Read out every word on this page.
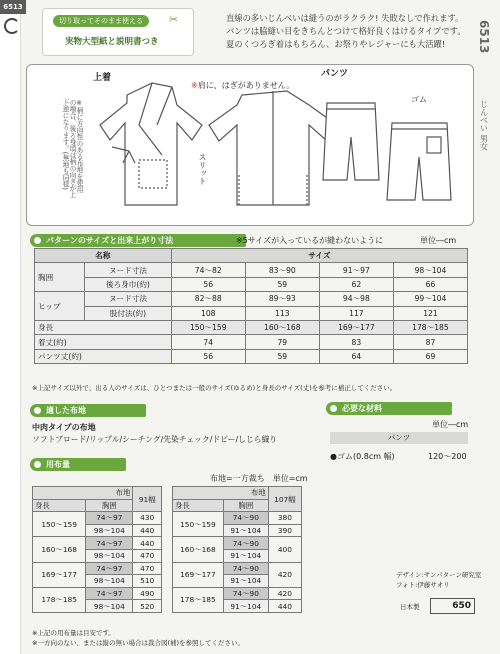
6513
切り取ってそのまま使える	✂
実物大型紙と説明書つき
直線の多いじんべいは縫うのがラクラク! 失敗なしで作れます。
パンツは脇縫い目をきちんとつけて格好良くはけるタイプです。
夏のくつろぎ着はもちろん、お祭りやレジャーにも大活躍!	6513
じんべい 男女
上着	パンツ
※肩に、はぎがありません。
ゴム
スリット
※柄に方向性のある布地を使用の場合、後ろ身頃は柄の向きが上下逆になります。(無地も同様)
パターンのサイズと出来上がり寸法	※5サイズが入っているが縫わないように	単位―cm
名称		サイズ			
胸囲	ヌード寸法	74〜82	83〜90	91〜97	98〜104
	後ろ身巾(約)	56	59	62	66
ヒップ	ヌード寸法	82〜88	89〜93	94〜98	99〜104
	股付法(約)	108	113	117	121
身長		150〜159	160〜168	169〜177	178〜185
着丈(約)		74	79	83	87
パンツ丈(約)		56	59	64	69
※上記サイズ以外で、出る人のサイズは、ひとつまたは一般のサイズ(ゆるめ)と身長のサイズ(丈)を参考に補正してください。
適した布地
中肉タイプの布地
ソフトブロード/リップル/シーチング/先染チェック/ドビー/しじら織り
必要な材料
単位―cm
パンツ
●ゴム(0.8cm 幅)	120〜200
用布量
布地=一方裁ち　単位=cm
布地		91幅
身長	胸囲	
150〜159	74〜97	430
	98〜104	440
160〜168	74〜97	440
	98〜104	470
169〜177	74〜97	470
	98〜104	510
178〜185	74〜97	490
	98〜104	520
布地		107幅
身長	胸囲	
150〜159	74〜90	380
	91〜104	390
160〜168	74〜90	400
	91〜104	
169〜177	74〜90	420
	91〜104	
178〜185	74〜90	420
	91〜104	440
※上記の用布量は目安です。
※一方向のない、または縦の無い場合は裁合図(補)を参照してください。
デザイン:サンパターン研究室
フォト:伊藤サオリ
日本製	650
